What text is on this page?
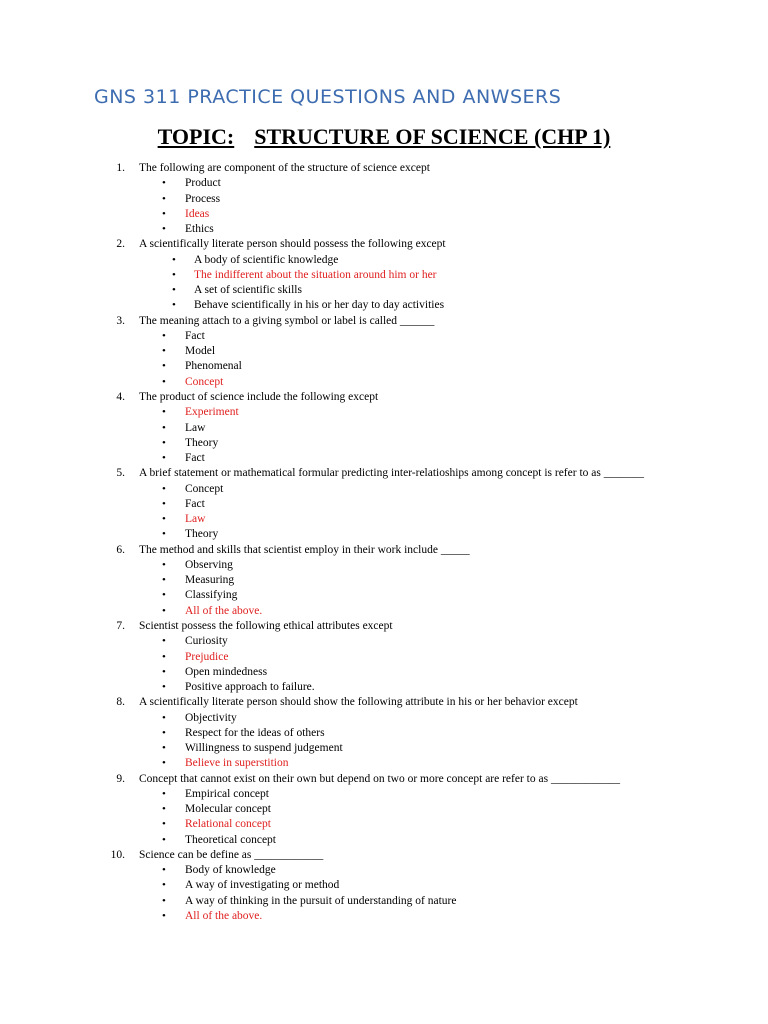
GNS 311 PRACTICE QUESTIONS AND ANWSERS
TOPIC: STRUCTURE OF SCIENCE (CHP 1)
1. The following are component of the structure of science except
• Product
• Process
• Ideas
• Ethics
2. A scientifically literate person should possess the following except
• A body of scientific knowledge
• The indifferent about the situation around him or her
• A set of scientific skills
• Behave scientifically in his or her day to day activities
3. The meaning attach to a giving symbol or label is called ______
• Fact
• Model
• Phenomenal
• Concept
4. The product of science include the following except
• Experiment
• Law
• Theory
• Fact
5. A brief statement or mathematical formular predicting inter-relatioships among concept is refer to as _______
• Concept
• Fact
• Law
• Theory
6. The method and skills that scientist employ in their work include _____
• Observing
• Measuring
• Classifying
• All of the above.
7. Scientist possess the following ethical attributes except
• Curiosity
• Prejudice
• Open mindedness
• Positive approach to failure.
8. A scientifically literate person should show the following attribute in his or her behavior except
• Objectivity
• Respect for the ideas of others
• Willingness to suspend judgement
• Believe in superstition
9. Concept that cannot exist on their own but depend on two or more concept are refer to as ____________
• Empirical concept
• Molecular concept
• Relational concept
• Theoretical concept
10. Science can be define as ____________
• Body of knowledge
• A way of investigating or method
• A way of thinking in the pursuit of understanding of nature
• All of the above.
